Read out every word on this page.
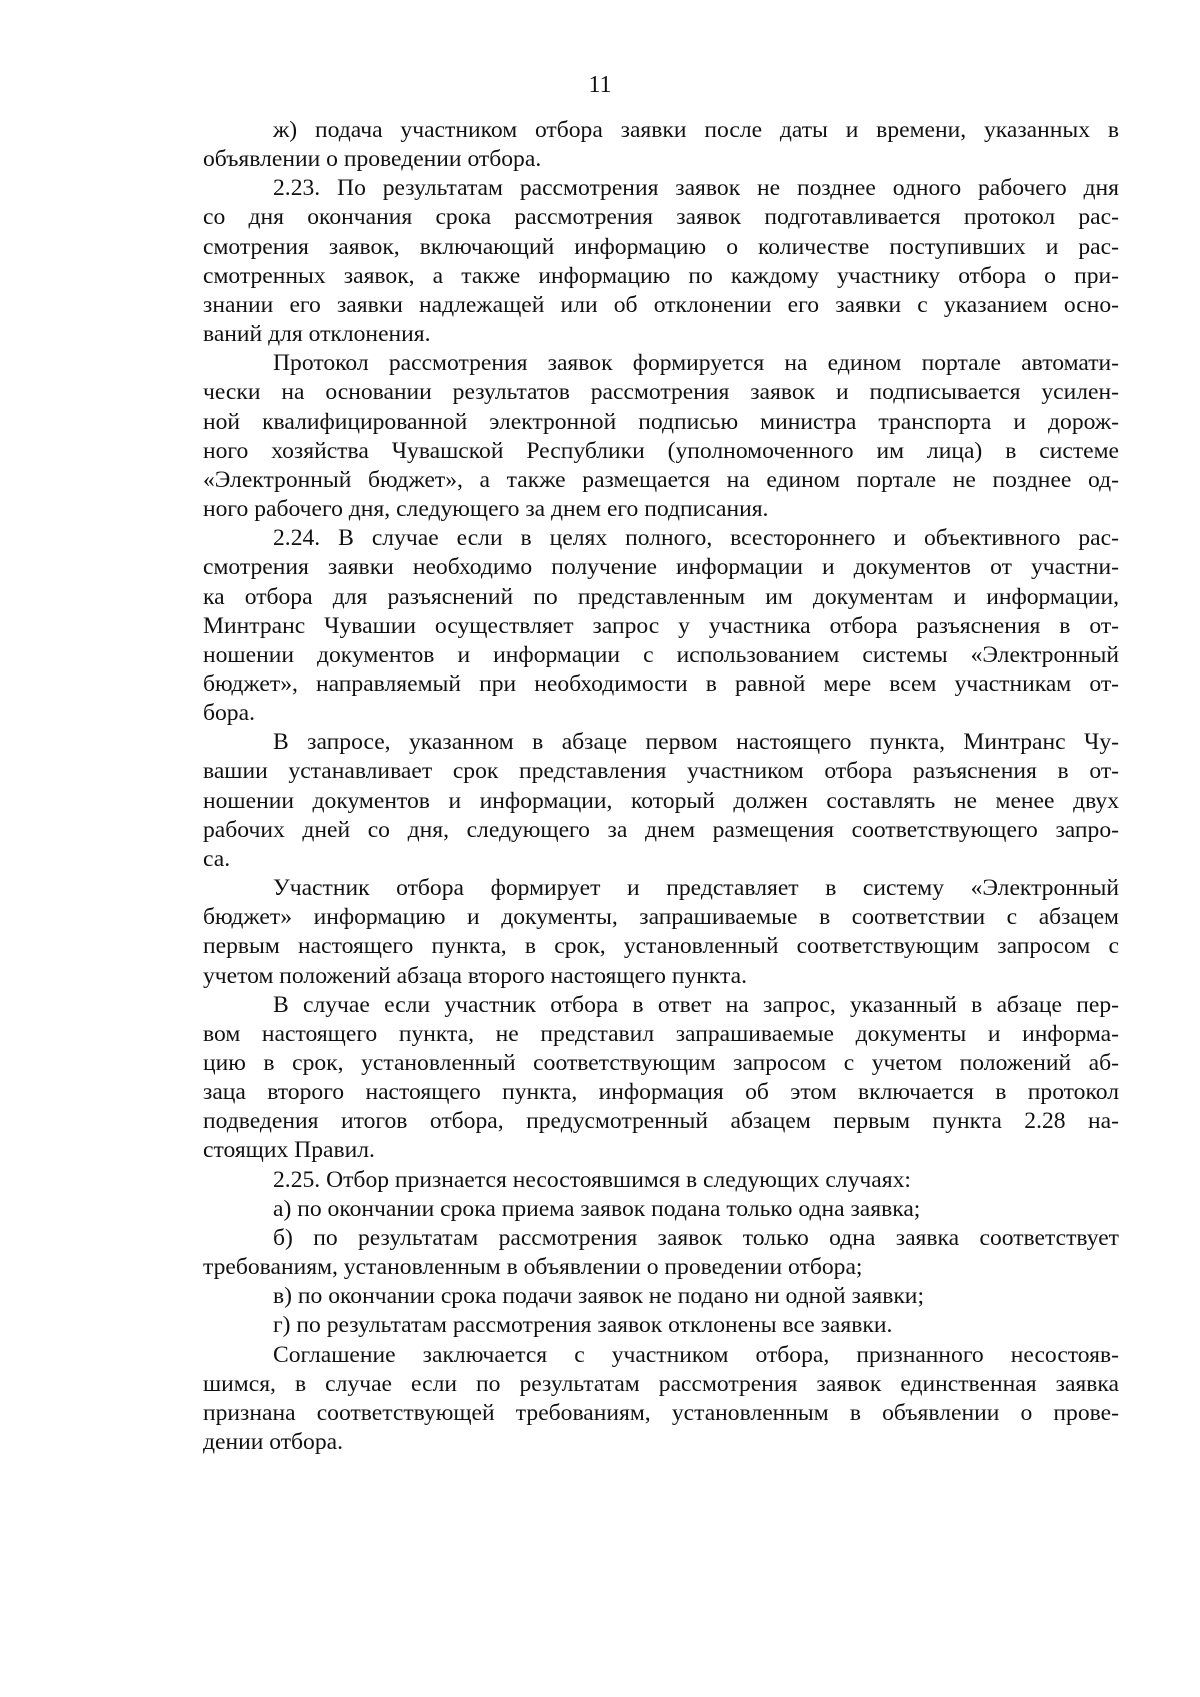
11

ж) подача участником отбора заявки после даты и времени, указанных в
объявлении о проведении отбора.

2.23. По результатам рассмотрения заявок не позднее одного рабочего дня
со дня окончания срока рассмотрения заявок подготавливается протокол рас-
смотрения заявок, включающий информацию о количестве поступивших и рас-
смотренных заявок, а также информацию по каждому участнику отбора о при-
знании его заявки надлежащей или об отклонении его заявки с указанием осно-
ваний для отклонения.

Протокол рассмотрения заявок формируется на едином портале автомати-
чески на основании результатов рассмотрения заявок и подписывается усилен-
ной квалифицированной электронной подписью министра транспорта и дорож-
ного хозяйства Чувашской Республики (уполномоченного им лица) в системе
«Электронный бюджет», а также размещается на едином портале не позднее од-
ного рабочего дня, следующего за днем его подписания.

2.24. В случае если в целях полного, всестороннего и объективного рас-
смотрения заявки необходимо получение информации и документов от участни-
ка отбора для разъяснений по представленным им документам и информации,
Минтранс Чувашии осуществляет запрос у участника отбора разъяснения в от-
ношении документов и информации с использованием системы «Электронный
бюджет», направляемый при необходимости в равной мере всем участникам от-
бора.

В запросе, указанном в абзаце первом настоящего пункта, Минтранс Чу-
вашии устанавливает срок представления участником отбора разъяснения в от-
ношении документов и информации, который должен составлять не менее двух
рабочих дней со дня, следующего за днем размещения соответствующего запро-
са.

Участник отбора формирует и представляет в систему «Электронный
бюджет» информацию и документы, запрашиваемые в соответствии с абзацем
первым настоящего пункта, в срок, установленный соответствующим запросом с
учетом положений абзаца второго настоящего пункта.

В случае если участник отбора в ответ на запрос, указанный в абзаце пер-
вом настоящего пункта, не представил запрашиваемые документы и информа-
цию в срок, установленный соответствующим запросом с учетом положений аб-
заца второго настоящего пункта, информация об этом включается в протокол
подведения итогов отбора, предусмотренный абзацем первым пункта 2.28 на-
стоящих Правил.

2.25. Отбор признается несостоявшимся в следующих случаях:

а) по окончании срока приема заявок подана только одна заявка;

б) по результатам рассмотрения заявок только одна заявка соответствует
требованиям, установленным в объявлении о проведении отбора;

в) по окончании срока подачи заявок не подано ни одной заявки;

г) по результатам рассмотрения заявок отклонены все заявки.

Соглашение заключается с участником отбора, признанного несостояв-
шимся, в случае если по результатам рассмотрения заявок единственная заявка
признана соответствующей требованиям, установленным в объявлении о прове-
дении отбора.
